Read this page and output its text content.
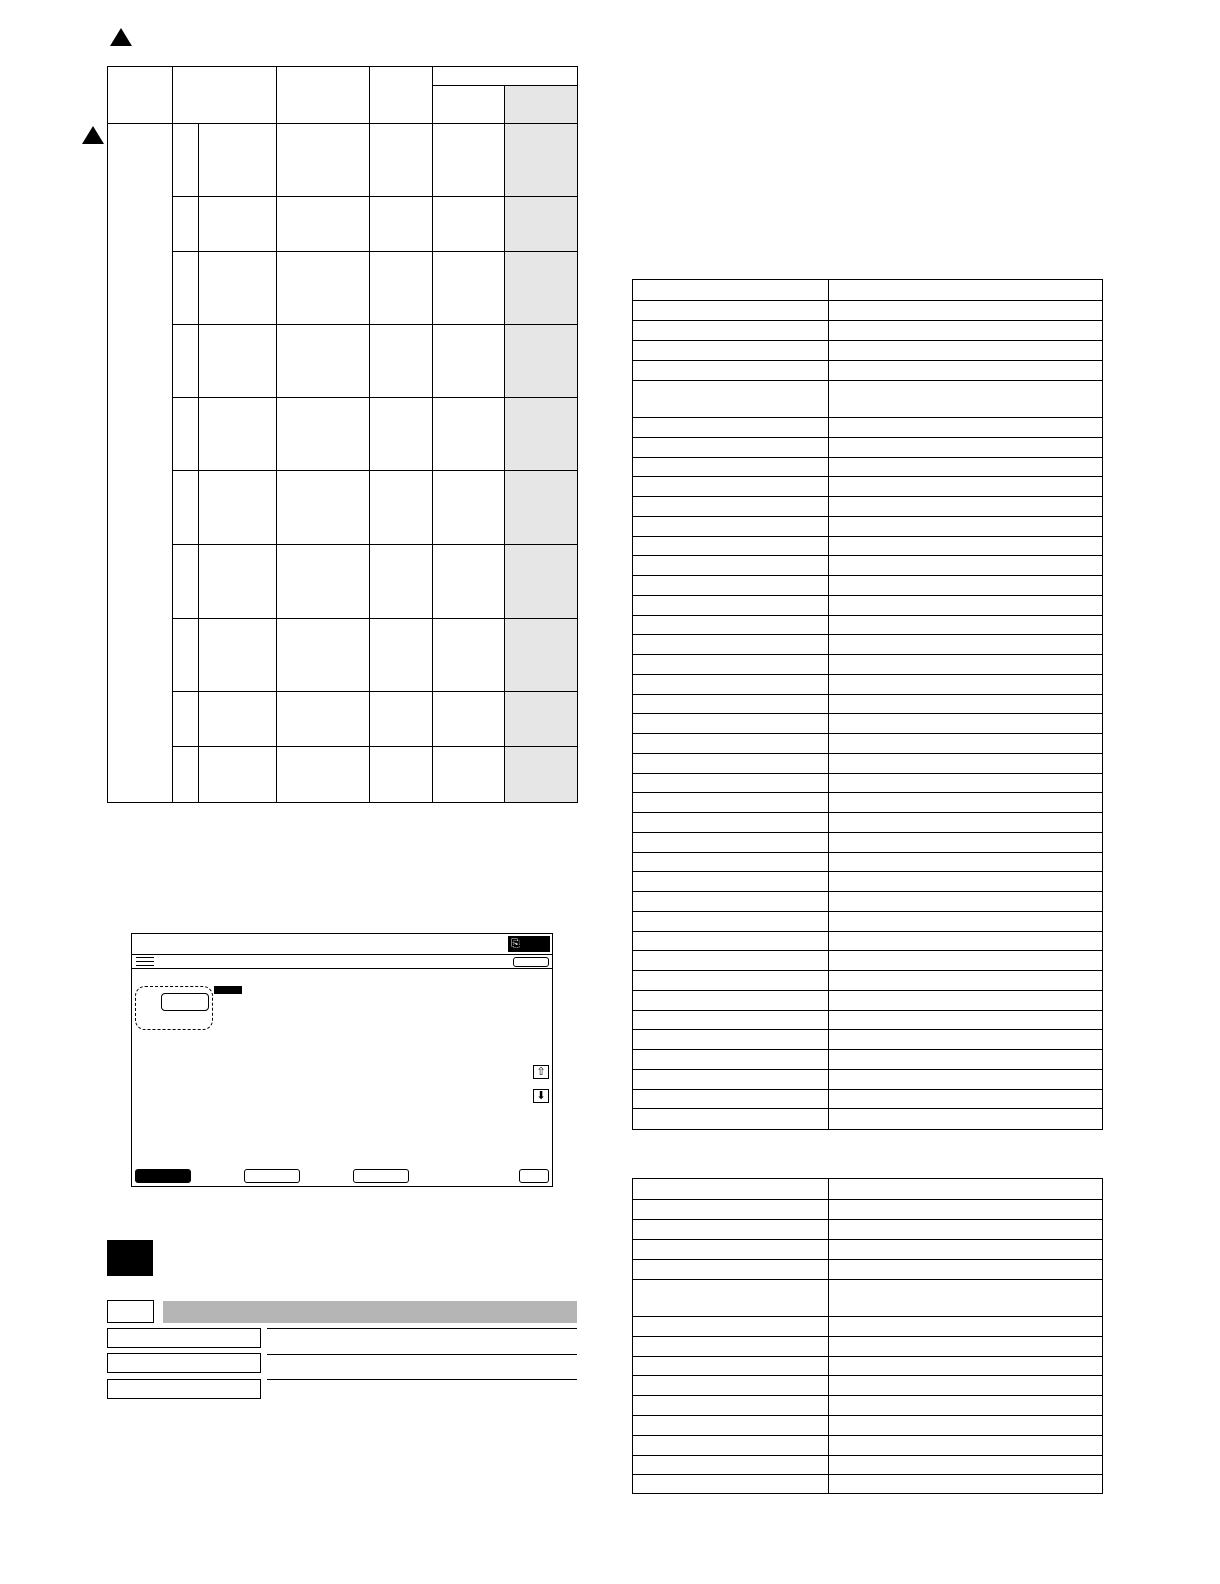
⎘
⇧
⬇
